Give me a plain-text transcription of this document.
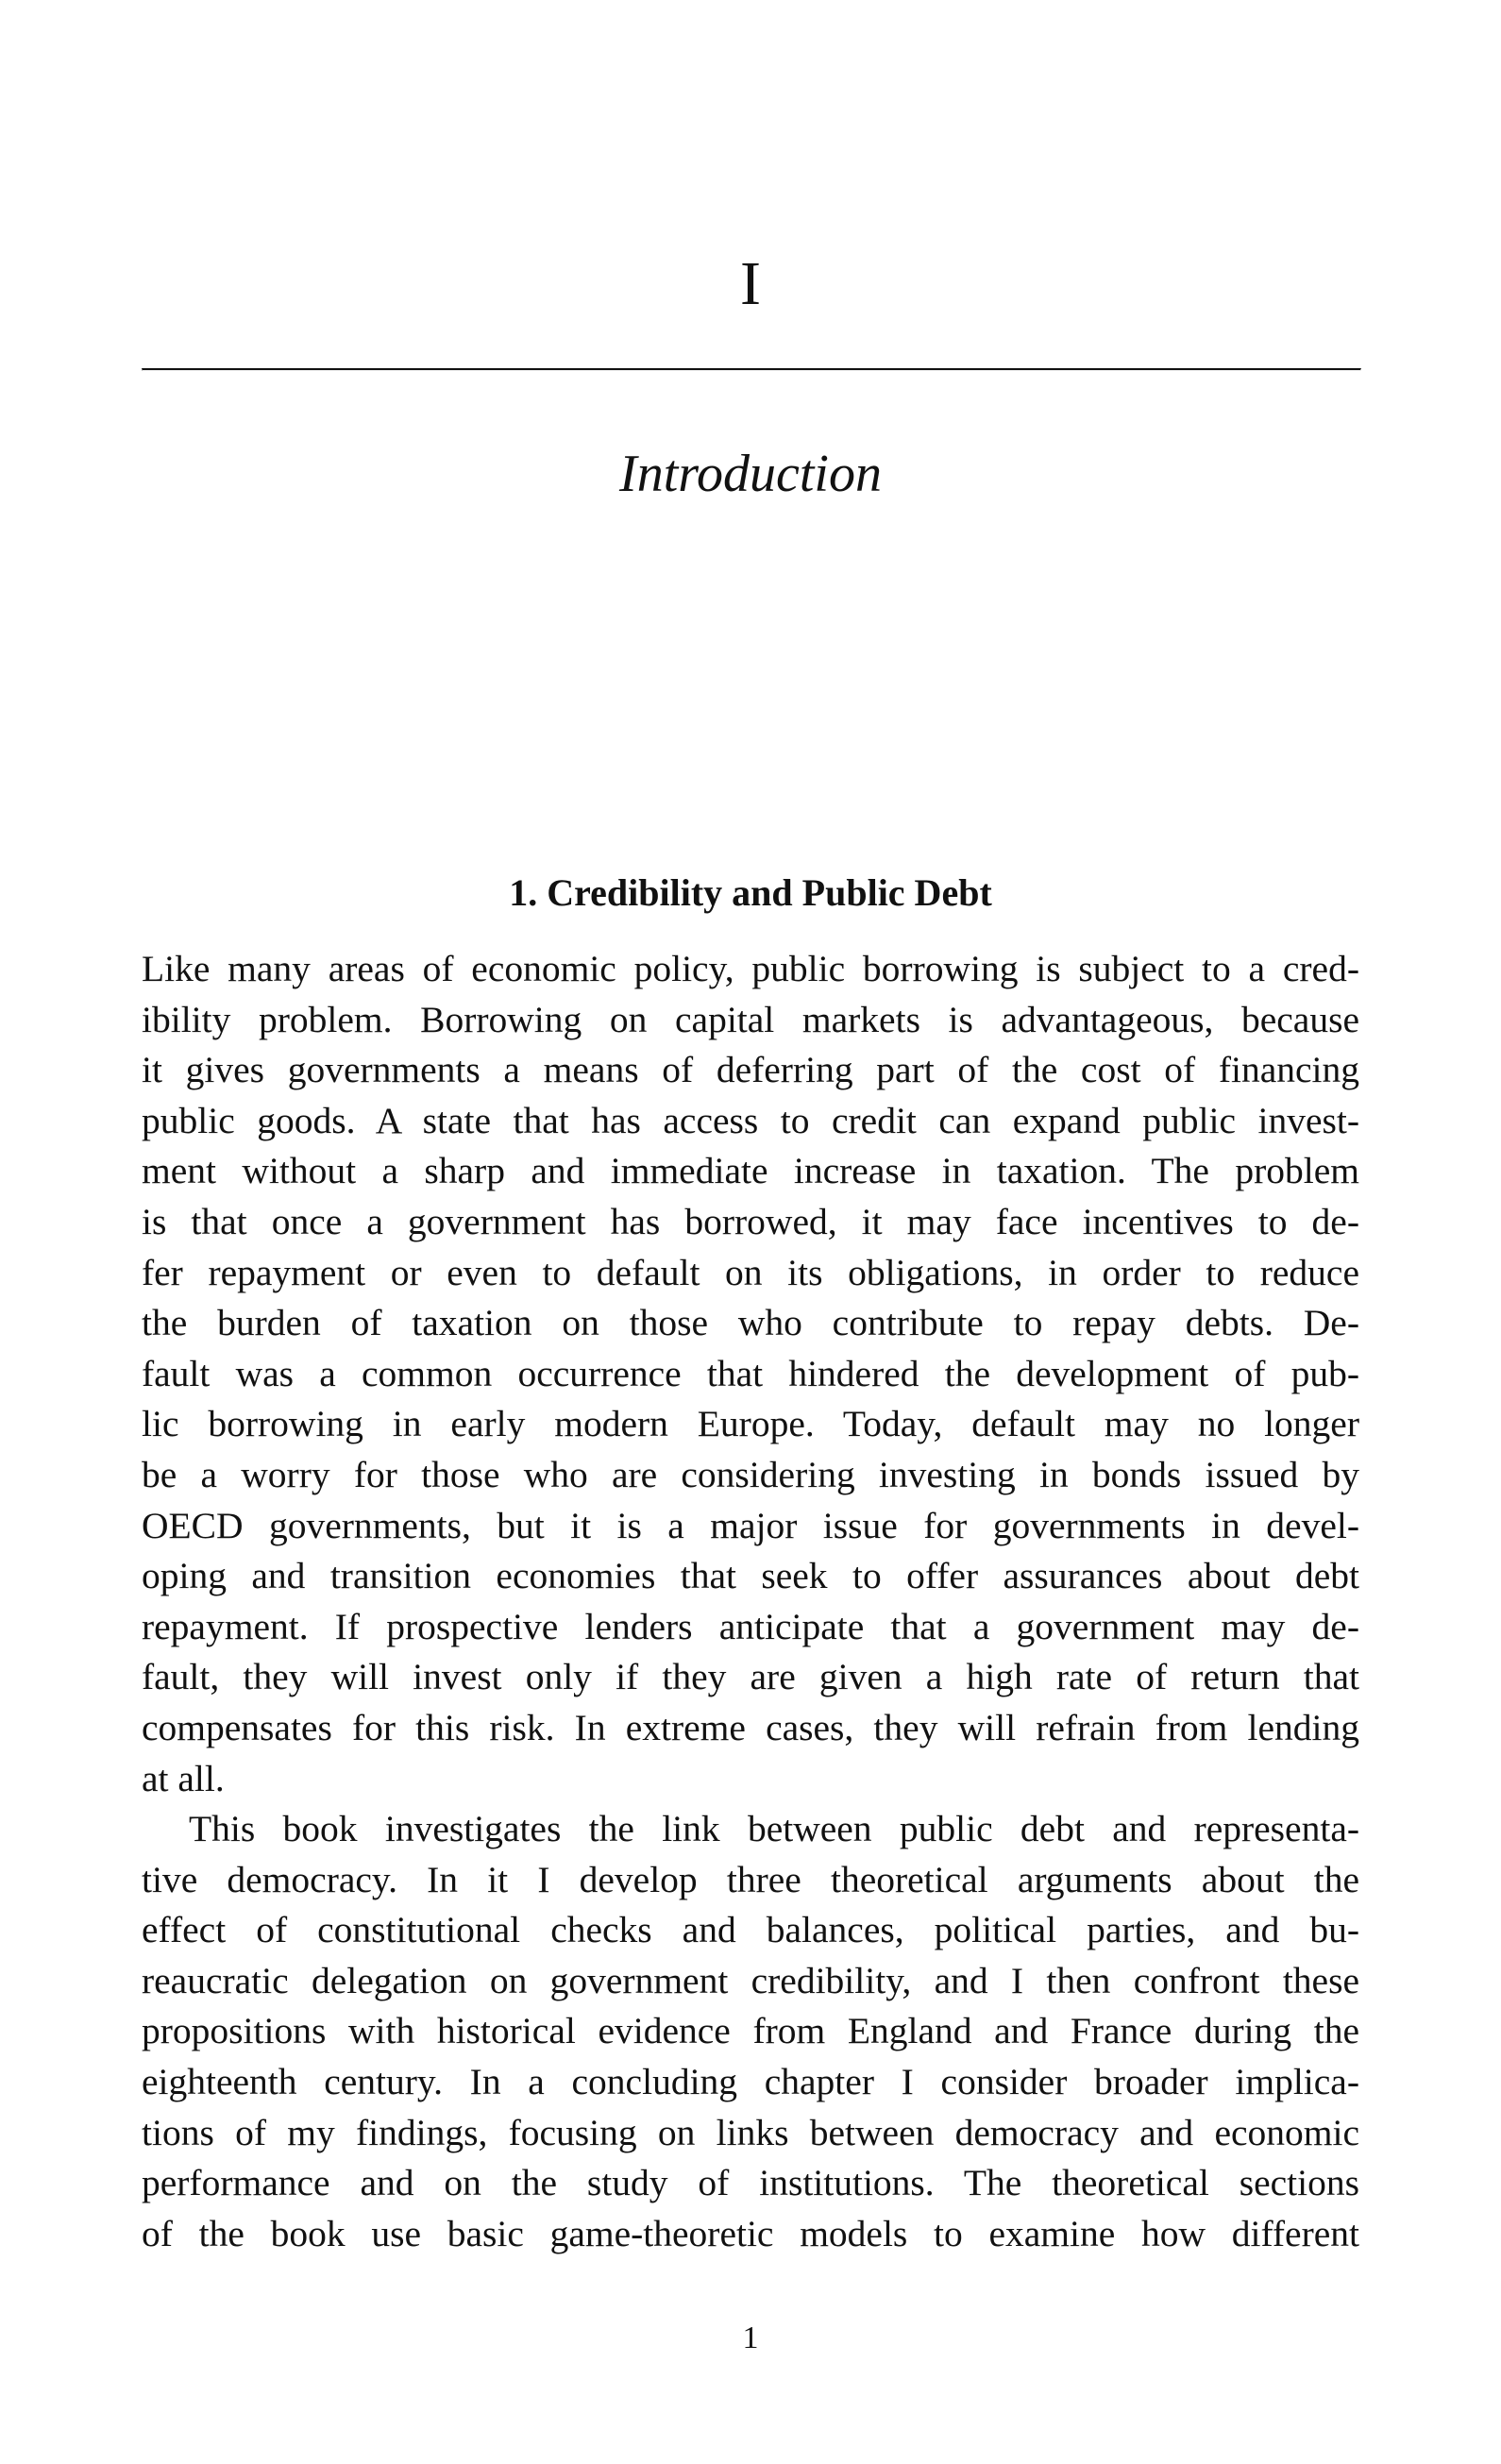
I
Introduction
1. Credibility and Public Debt

Like many areas of economic policy, public borrowing is subject to a cred-
ibility problem. Borrowing on capital markets is advantageous, because
it gives governments a means of deferring part of the cost of financing
public goods. A state that has access to credit can expand public invest-
ment without a sharp and immediate increase in taxation. The problem
is that once a government has borrowed, it may face incentives to de-
fer repayment or even to default on its obligations, in order to reduce
the burden of taxation on those who contribute to repay debts. De-
fault was a common occurrence that hindered the development of pub-
lic borrowing in early modern Europe. Today, default may no longer
be a worry for those who are considering investing in bonds issued by
OECD governments, but it is a major issue for governments in devel-
oping and transition economies that seek to offer assurances about debt
repayment. If prospective lenders anticipate that a government may de-
fault, they will invest only if they are given a high rate of return that
compensates for this risk. In extreme cases, they will refrain from lending
at all.

This book investigates the link between public debt and representa-
tive democracy. In it I develop three theoretical arguments about the
effect of constitutional checks and balances, political parties, and bu-
reaucratic delegation on government credibility, and I then confront these
propositions with historical evidence from England and France during the
eighteenth century. In a concluding chapter I consider broader implica-
tions of my findings, focusing on links between democracy and economic
performance and on the study of institutions. The theoretical sections
of the book use basic game-theoretic models to examine how different

1
